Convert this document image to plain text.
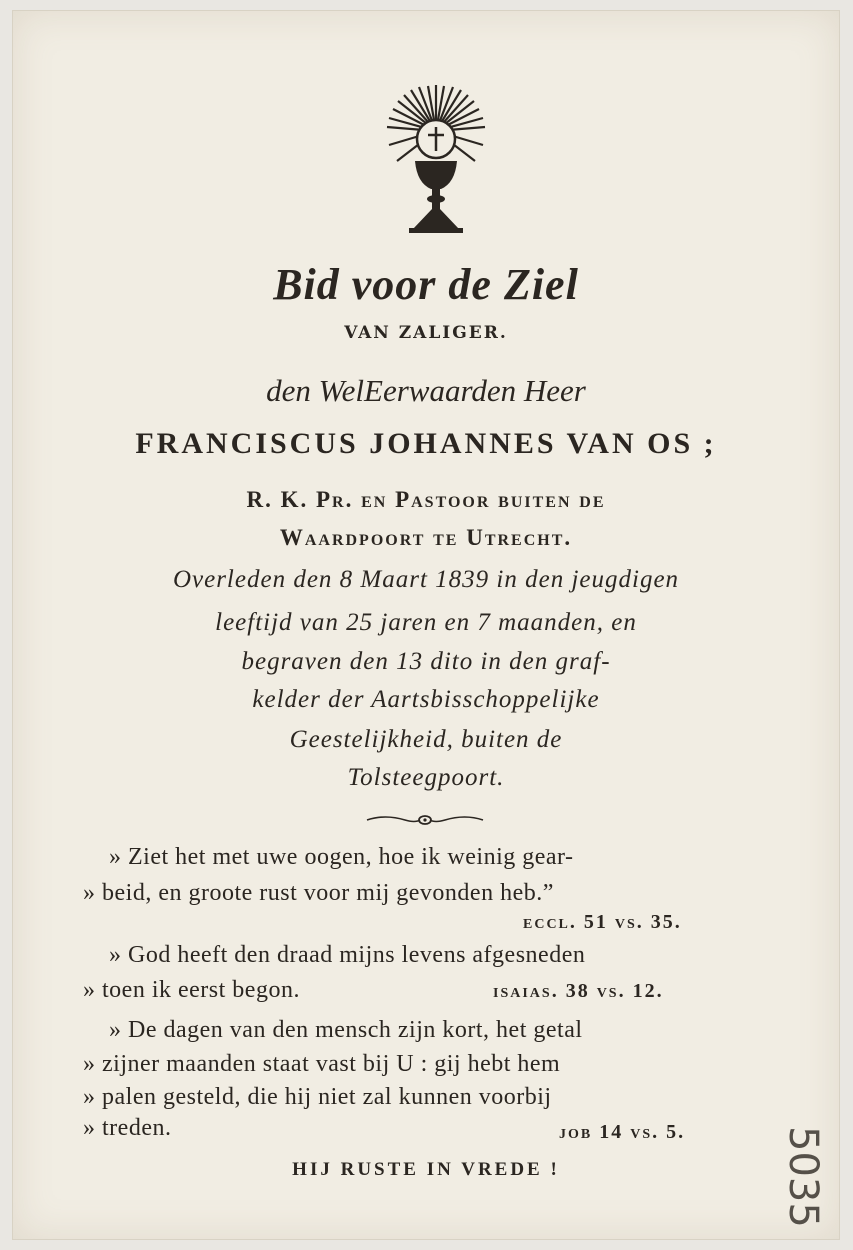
Bid voor de Ziel
VAN ZALIGER.
den WelEerwaarden Heer
FRANCISCUS JOHANNES VAN OS ;
R. K. Pr. en Pastoor buiten de
Waardpoort te Utrecht.
Overleden den 8 Maart 1839 in den jeugdigen
leeftijd van 25 jaren en 7 maanden, en
begraven den 13 dito in den graf-
kelder der Aartsbisschoppelijke
Geestelijkheid, buiten de
Tolsteegpoort.
» Ziet het met uwe oogen, hoe ik weinig gear-
» beid, en groote rust voor mij gevonden heb.”
eccl. 51 vs. 35.
» God heeft den draad mijns levens afgesneden
» toen ik eerst begon.	isaias. 38 vs. 12.
» De dagen van den mensch zijn kort, het getal
» zijner maanden staat vast bij U : gij hebt hem
» palen gesteld, die hij niet zal kunnen voorbij
» treden.	job 14 vs. 5.
HIJ RUSTE IN VREDE !	5035
